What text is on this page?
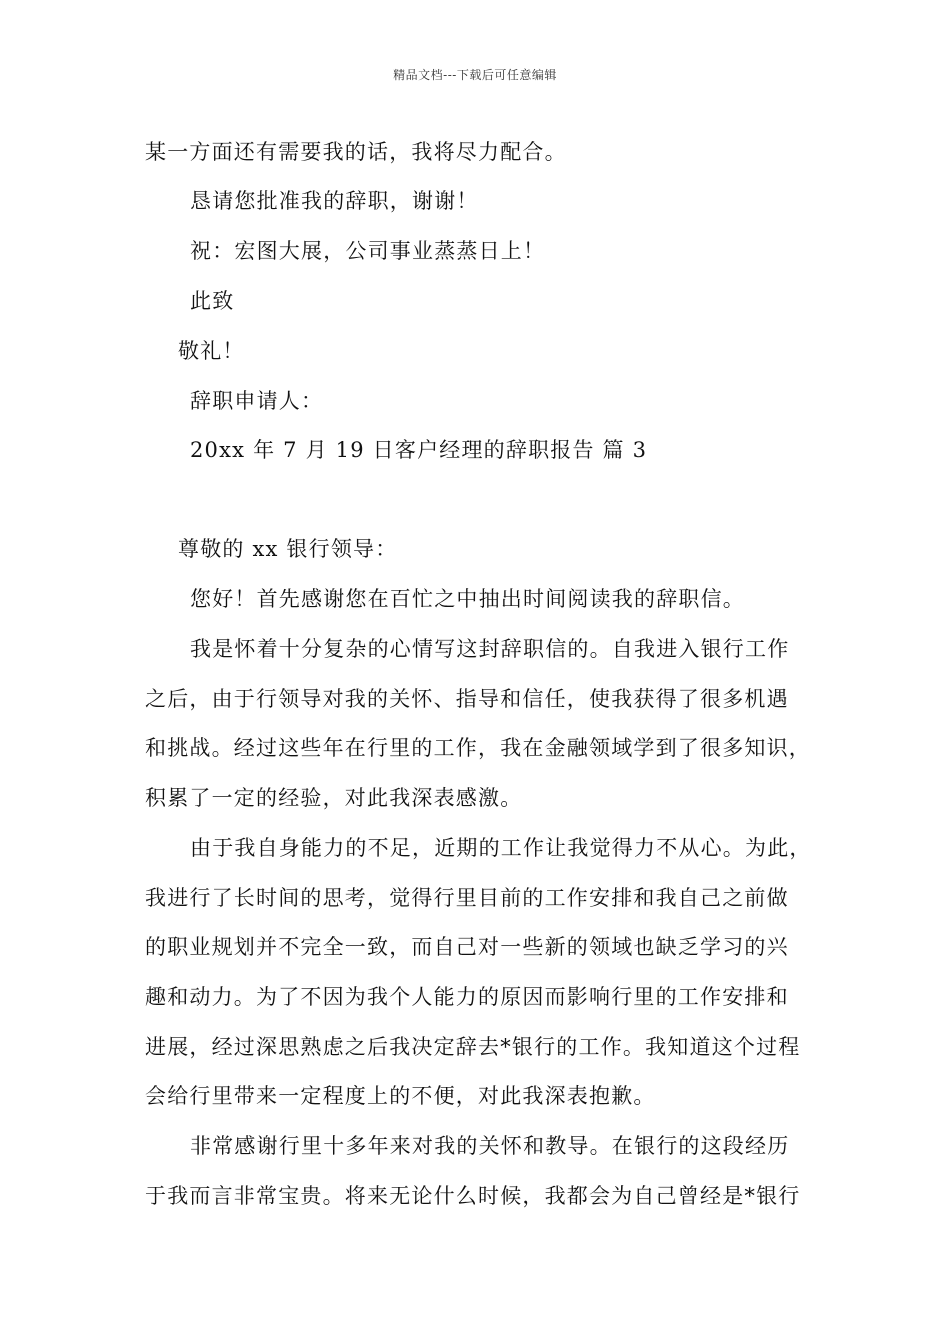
精品文档---下载后可任意编辑
某一方面还有需要我的话，我将尽力配合。
恳请您批准我的辞职，谢谢！
祝：宏图大展，公司事业蒸蒸日上！
此致
敬礼！
辞职申请人：
20xx 年 7 月 19 日客户经理的辞职报告 篇 3
尊敬的 xx 银行领导：
您好！首先感谢您在百忙之中抽出时间阅读我的辞职信。
我是怀着十分复杂的心情写这封辞职信的。自我进入银行工作
之后，由于行领导对我的关怀、指导和信任，使我获得了很多机遇
和挑战。经过这些年在行里的工作，我在金融领域学到了很多知识，
积累了一定的经验，对此我深表感激。
由于我自身能力的不足，近期的工作让我觉得力不从心。为此，
我进行了长时间的思考，觉得行里目前的工作安排和我自己之前做
的职业规划并不完全一致，而自己对一些新的领域也缺乏学习的兴
趣和动力。为了不因为我个人能力的原因而影响行里的工作安排和
进展，经过深思熟虑之后我决定辞去*银行的工作。我知道这个过程
会给行里带来一定程度上的不便，对此我深表抱歉。
非常感谢行里十多年来对我的关怀和教导。在银行的这段经历
于我而言非常宝贵。将来无论什么时候，我都会为自己曾经是*银行
